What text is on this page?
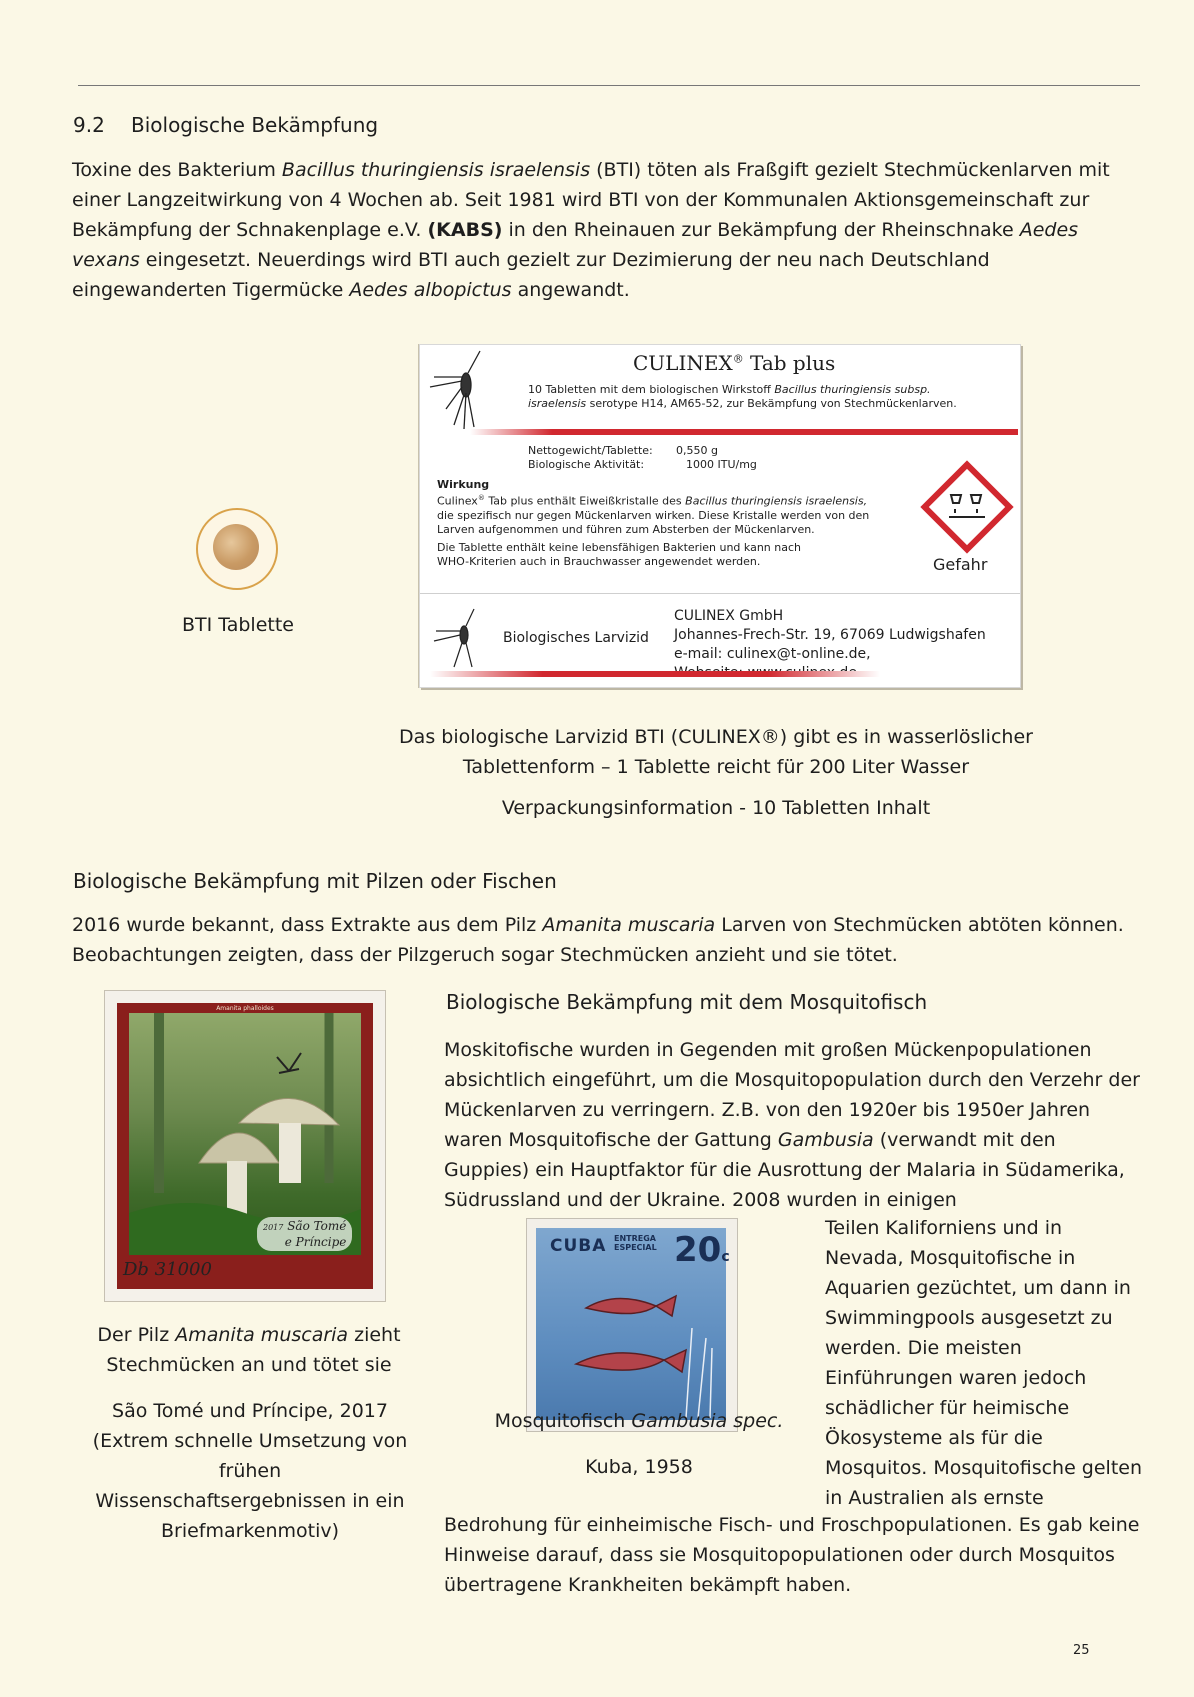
9.2 Biologische Bekämpfung

Toxine des Bakterium Bacillus thuringiensis israelensis (BTI) töten als Fraßgift gezielt Stechmückenlarven mit einer Langzeitwirkung von 4 Wochen ab. Seit 1981 wird BTI von der Kommunalen Aktionsgemeinschaft zur Bekämpfung der Schnakenplage e.V. (KABS) in den Rheinauen zur Bekämpfung der Rheinschnake Aedes vexans eingesetzt. Neuerdings wird BTI auch gezielt zur Dezimierung der neu nach Deutschland eingewanderten Tigermücke Aedes albopictus angewandt.

BTI Tablette
CULINEX® Tab plus
10 Tabletten mit dem biologischen Wirkstoff Bacillus thuringiensis subsp.
israelensis serotype H14, AM65-52, zur Bekämpfung von Stechmückenlarven.
Nettogewicht/Tablette: 0,550 g
Biologische Aktivität:	1000 ITU/mg
Wirkung
Culinex® Tab plus enthält Eiweißkristalle des Bacillus thuringiensis israelensis,
die spezifisch nur gegen Mückenlarven wirken. Diese Kristalle werden von den
Larven aufgenommen und führen zum Absterben der Mückenlarven.
Die Tablette enthält keine lebensfähigen Bakterien und kann nach
WHO-Kriterien auch in Brauchwasser angewendet werden.	Gefahr
Biologisches Larvizid
CULINEX GmbH
Johannes-Frech-Str. 19, 67069 Ludwigshafen
e-mail: culinex@t-online.de,

Das biologische Larvizid BTI (CULINEX®) gibt es in wasserlöslicher
Tablettenform – 1 Tablette reicht für 200 Liter Wasser
Verpackungsinformation - 10 Tabletten Inhalt
Biologische Bekämpfung mit Pilzen oder Fischen

2016 wurde bekannt, dass Extrakte aus dem Pilz Amanita muscaria Larven von Stechmücken abtöten können. Beobachtungen zeigten, dass der Pilzgeruch sogar Stechmücken anzieht und sie tötet.

Amanita phalloides
2017 São Tomé
e Príncipe
Db 31000
Der Pilz Amanita muscaria zieht Stechmücken an und tötet sie
São Tomé und Príncipe, 2017 (Extrem schnelle Umsetzung von frühen Wissenschaftsergebnissen in ein Briefmarkenmotiv)
Biologische Bekämpfung mit dem Mosquitofisch

Moskitofische wurden in Gegenden mit großen Mückenpopulationen absichtlich eingeführt, um die Mosquitopopulation durch den Verzehr der Mückenlarven zu verringern. Z.B. von den 1920er bis 1950er Jahren waren Mosquitofische der Gattung Gambusia (verwandt mit den Guppies) ein Hauptfaktor für die Ausrottung der Malaria in Südamerika, Südrussland und der Ukraine. 2008 wurden in einigen

Teilen Kaliforniens und in Nevada, Mosquitofische in Aquarien gezüchtet, um dann in Swimmingpools ausgesetzt zu werden. Die meisten Einführungen waren jedoch schädlicher für heimische Ökosysteme als für die Mosquitos. Mosquitofische gelten in Australien als ernste

Bedrohung für einheimische Fisch- und Froschpopulationen. Es gab keine Hinweise darauf, dass sie Mosquitopopulationen oder durch Mosquitos übertragene Krankheiten bekämpft haben.

CUBA ENTREGA
ESPECIAL 20c
Mosquitofisch Gambusia spec.
Kuba, 1958
25
